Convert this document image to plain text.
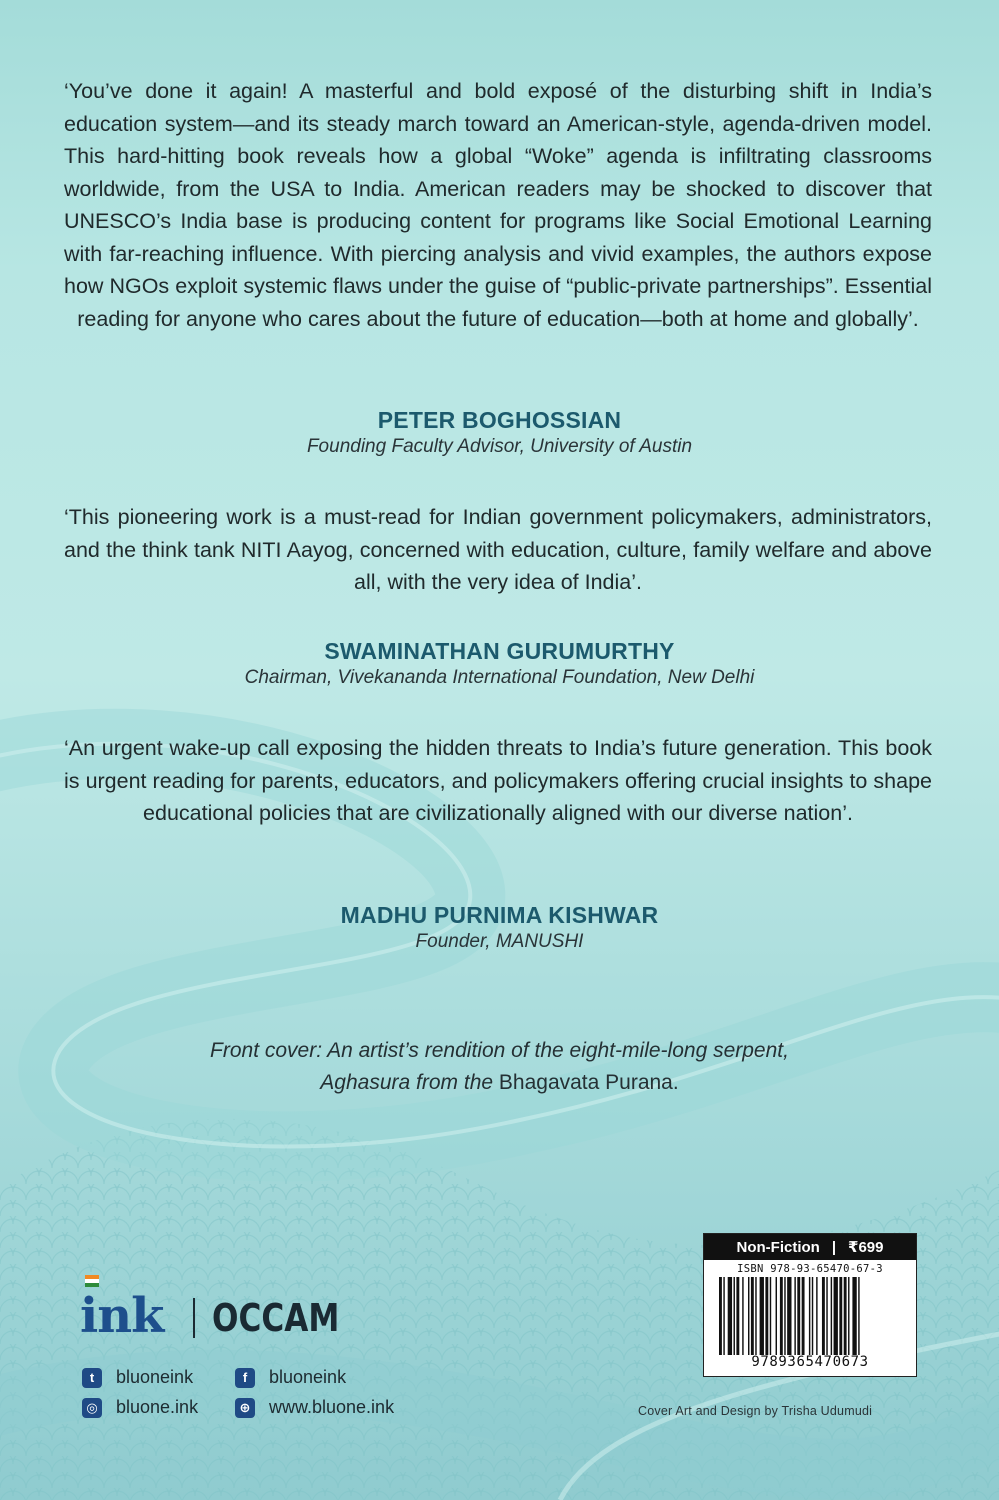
‘You’ve done it again! A masterful and bold exposé of the disturbing shift in India’s education system—and its steady march toward an American-style, agenda-driven model. This hard-hitting book reveals how a global “Woke” agenda is infiltrating classrooms worldwide, from the USA to India. American readers may be shocked to discover that UNESCO’s India base is producing content for programs like Social Emotional Learning with far-reaching influence. With piercing analysis and vivid examples, the authors expose how NGOs exploit systemic flaws under the guise of “public-private partnerships”. Essential reading for anyone who cares about the future of education—both at home and globally’.

PETER BOGHOSSIAN
Founding Faculty Advisor, University of Austin

‘This pioneering work is a must-read for Indian government policymakers, administrators, and the think tank NITI Aayog, concerned with education, culture, family welfare and above all, with the very idea of India’.

SWAMINATHAN GURUMURTHY
Chairman, Vivekananda International Foundation, New Delhi

‘An urgent wake-up call exposing the hidden threats to India’s future generation. This book is urgent reading for parents, educators, and policymakers offering crucial insights to shape educational policies that are civilizationally aligned with our diverse nation’.

MADHU PURNIMA KISHWAR
Founder, MANUSHI
Front cover: An artist’s rendition of the eight-mile-long serpent,
Aghasura from the Bhagavata Purana.
ink OCCAM
t	bluoneink	f	bluoneink
◎ bluone.ink	⊕ www.bluone.ink
Non-Fiction | ₹699
ISBN 978-93-65470-67-3
9789365470673
Cover Art and Design by Trisha Udumudi
